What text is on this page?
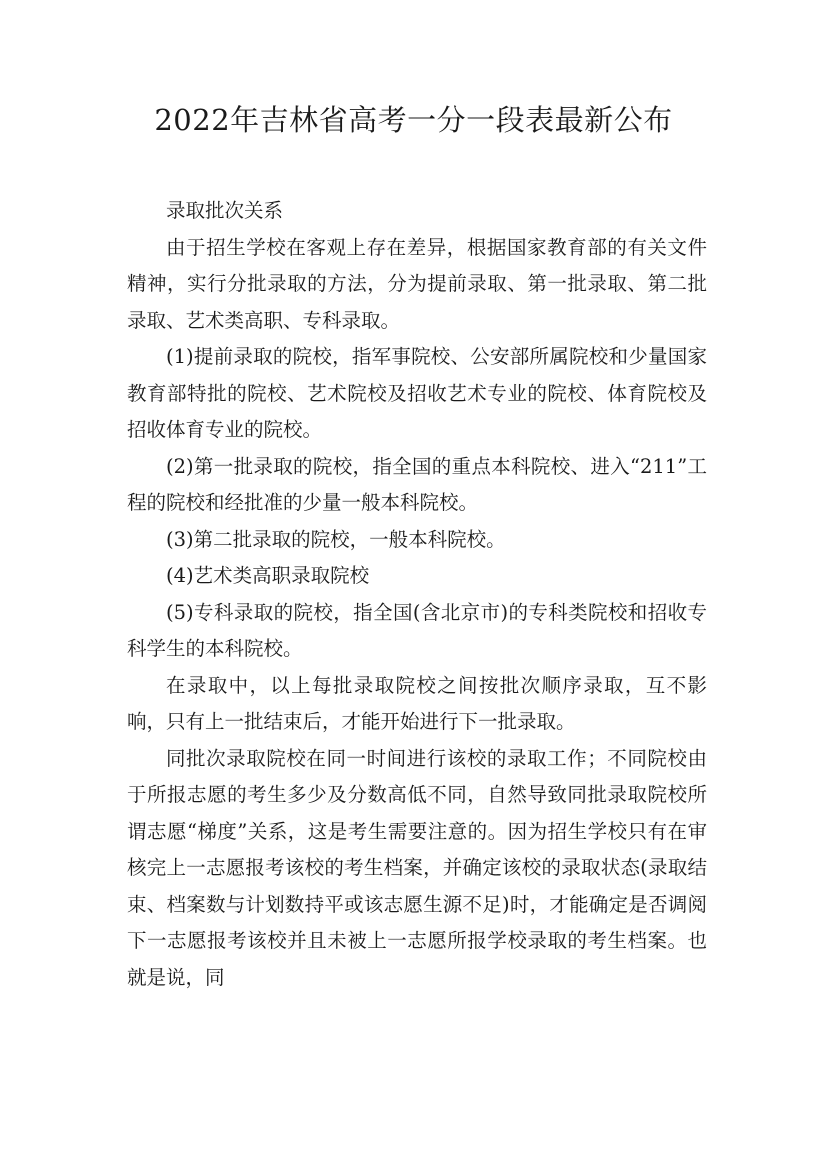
2022年吉林省高考一分一段表最新公布

录取批次关系

由于招生学校在客观上存在差异，根据国家教育部的有关文件精神，实行分批录取的方法，分为提前录取、第一批录取、第二批录取、艺术类高职、专科录取。

(1)提前录取的院校，指军事院校、公安部所属院校和少量国家教育部特批的院校、艺术院校及招收艺术专业的院校、体育院校及招收体育专业的院校。

(2)第一批录取的院校，指全国的重点本科院校、进入“211”工程的院校和经批准的少量一般本科院校。

(3)第二批录取的院校，一般本科院校。

(4)艺术类高职录取院校

(5)专科录取的院校，指全国(含北京市)的专科类院校和招收专科学生的本科院校。

在录取中，以上每批录取院校之间按批次顺序录取，互不影响，只有上一批结束后，才能开始进行下一批录取。

同批次录取院校在同一时间进行该校的录取工作；不同院校由于所报志愿的考生多少及分数高低不同，自然导致同批录取院校所谓志愿“梯度”关系，这是考生需要注意的。因为招生学校只有在审核完上一志愿报考该校的考生档案，并确定该校的录取状态(录取结束、档案数与计划数持平或该志愿生源不足)时，才能确定是否调阅下一志愿报考该校并且未被上一志愿所报学校录取的考生档案。也就是说，同
